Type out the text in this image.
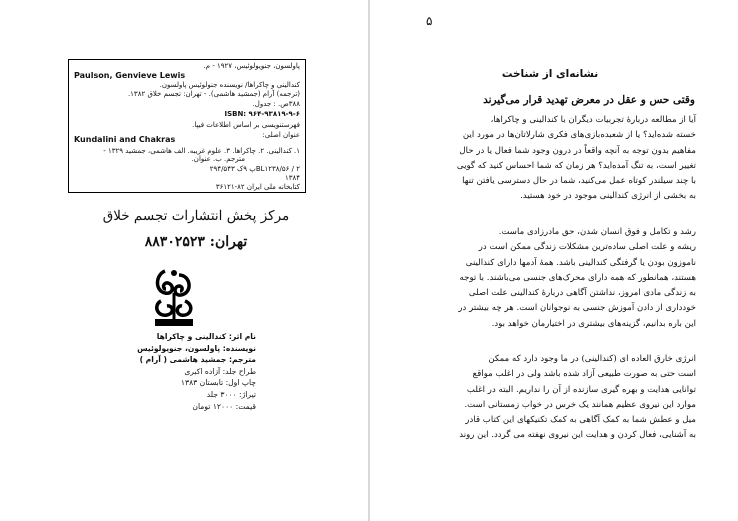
پاولسون، جنویولوئیس، ۱۹۲۷ - م.
Paulson, Genvieve Lewis
کندالینی و چاکراها/ نویسنده جنولوئیس پاولسون.
(ترجمه) آرام (جمشید هاشمی). - تهران: تجسم خلاق ۱۳۸۲.
۳۸۸ص. : جدول.
ISBN: ۹۶۴-۹۳۸۱۹-۹-۶
فهرستنویسی بر اساس اطلاعات فیپا.
عنوان اصلی:
Kundalini and Chakras
۱. کندالینی. ۲. چاکراها. ۳. علوم غریبه. الف هاشمی، جمشید ۱۳۲۹ -
مترجم. ب. عنوان.
BL۱۲۳۸/۵۶ / ۲پ ۹ک ۲۹۴/۵۴۳
۱۳۸۴
کتابخانه ملی ایران ۸۲-۳۶۱۲۱
مرکز پخش انتشارات تجسم خلاق
تهران: ۸۸۳۰۲۵۲۳
نام اثر: کندالینی و چاکراها
نویسنده: پاولسون، جنویولوئیس
مترجم: جمشید هاشمی ( آرام )
طراح جلد: آزاده اکبری
چاپ اول: تابستان ۱۳۸۳
تیراژ: ۳۰۰۰ جلد
قیمت: ۱۲۰۰۰ تومان
۵
نشانه‌ای از شناخت
وقتی حس و عقل در معرض تهدید قرار می‌گیرند
آیا از مطالعه دربارهٔ تجربیات دیگران با کندالینی و چاکراها،
خسته شده‌اید؟ یا از شعبده‌بازی‌های فکری شارلاتان‌ها در مورد این
مفاهیم بدون توجه به آنچه واقعاً در درون وجود شما فعال یا در حال
تغییر است، به تنگ آمده‌اید؟ هر زمان که شما احساس کنید که گویی
با چند سیلندر کوتاه عمل می‌کنید، شما در حال دسترسی یافتن تنها
به بخشی از انرژی کندالینی موجود در خود هستید.
رشد و تکامل و فوق انسان شدن، حق مادرزادی ماست.
ریشه و علت اصلی ساده‌ترین مشکلات زندگی ممکن است در
ناموزون بودن یا گرفتگی کندالینی باشد. همهٔ آدمها دارای کندالینی
هستند، همانطور که همه دارای محرک‌های جنسی می‌باشند. با توجه
به زندگی مادی امروز، نداشتن آگاهی دربارهٔ کندالینی علت اصلی
خودداری از دادن آموزش جنسی به نوجوانان است. هر چه بیشتر در
این باره بدانیم، گزینه‌های بیشتری در اختیارمان خواهد بود.
انرژی خارق العاده ای (کندالینی) در ما وجود دارد که ممکن
است حتی به صورت طبیعی آزاد شده باشد ولی در اغلب مواقع
توانایی هدایت و بهره گیری سازنده از آن را نداریم. البته در اغلب
موارد این نیروی عظیم همانند یک خرس در خواب زمستانی است.
میل و عطش شما به کمک آگاهی به کمک تکنیکهای این کتاب قادر
به آشنایی، فعال کردن و هدایت این نیروی نهفته می گردد. این روند
